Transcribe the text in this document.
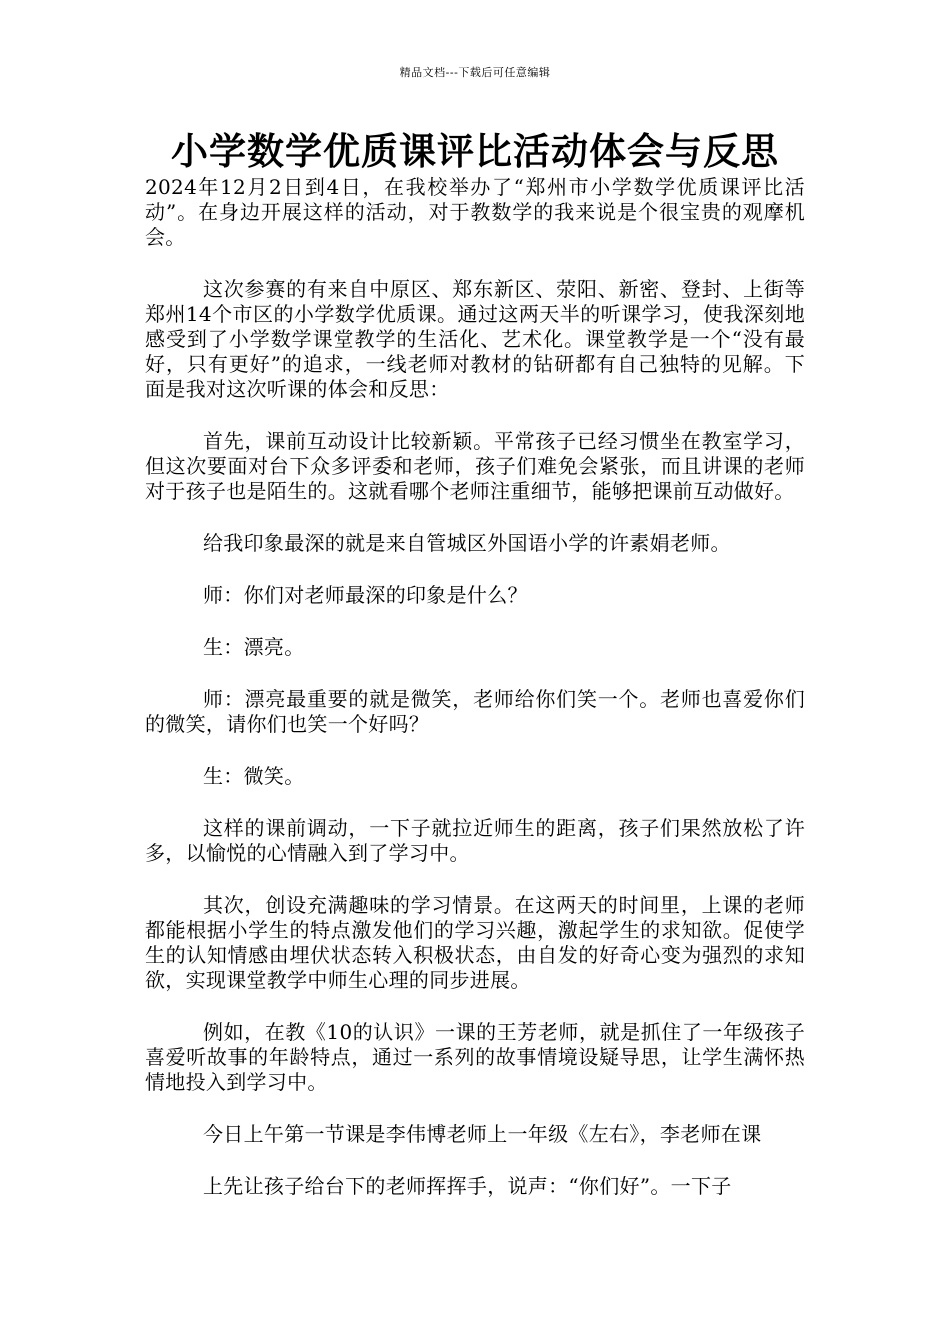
精品文档---下载后可任意编辑
小学数学优质课评比活动体会与反思

2024年12月2日到4日，在我校举办了“郑州市小学数学优质课评比活动”。在身边开展这样的活动，对于教数学的我来说是个很宝贵的观摩机会。

这次参赛的有来自中原区、郑东新区、荥阳、新密、登封、上街等郑州14个市区的小学数学优质课。通过这两天半的听课学习，使我深刻地感受到了小学数学课堂教学的生活化、艺术化。课堂教学是一个“没有最好，只有更好”的追求，一线老师对教材的钻研都有自己独特的见解。下面是我对这次听课的体会和反思：

首先，课前互动设计比较新颖。平常孩子已经习惯坐在教室学习，但这次要面对台下众多评委和老师，孩子们难免会紧张，而且讲课的老师对于孩子也是陌生的。这就看哪个老师注重细节，能够把课前互动做好。

给我印象最深的就是来自管城区外国语小学的许素娟老师。

师：你们对老师最深的印象是什么？

生：漂亮。

师：漂亮最重要的就是微笑，老师给你们笑一个。老师也喜爱你们的微笑，请你们也笑一个好吗？

生：微笑。

这样的课前调动，一下子就拉近师生的距离，孩子们果然放松了许多，以愉悦的心情融入到了学习中。

其次，创设充满趣味的学习情景。在这两天的时间里，上课的老师都能根据小学生的特点激发他们的学习兴趣，激起学生的求知欲。促使学生的认知情感由埋伏状态转入积极状态，由自发的好奇心变为强烈的求知欲，实现课堂教学中师生心理的同步进展。

例如，在教《10的认识》一课的王芳老师，就是抓住了一年级孩子喜爱听故事的年龄特点，通过一系列的故事情境设疑导思，让学生满怀热情地投入到学习中。

今日上午第一节课是李伟博老师上一年级《左右》，李老师在课

上先让孩子给台下的老师挥挥手，说声：“你们好”。一下子
